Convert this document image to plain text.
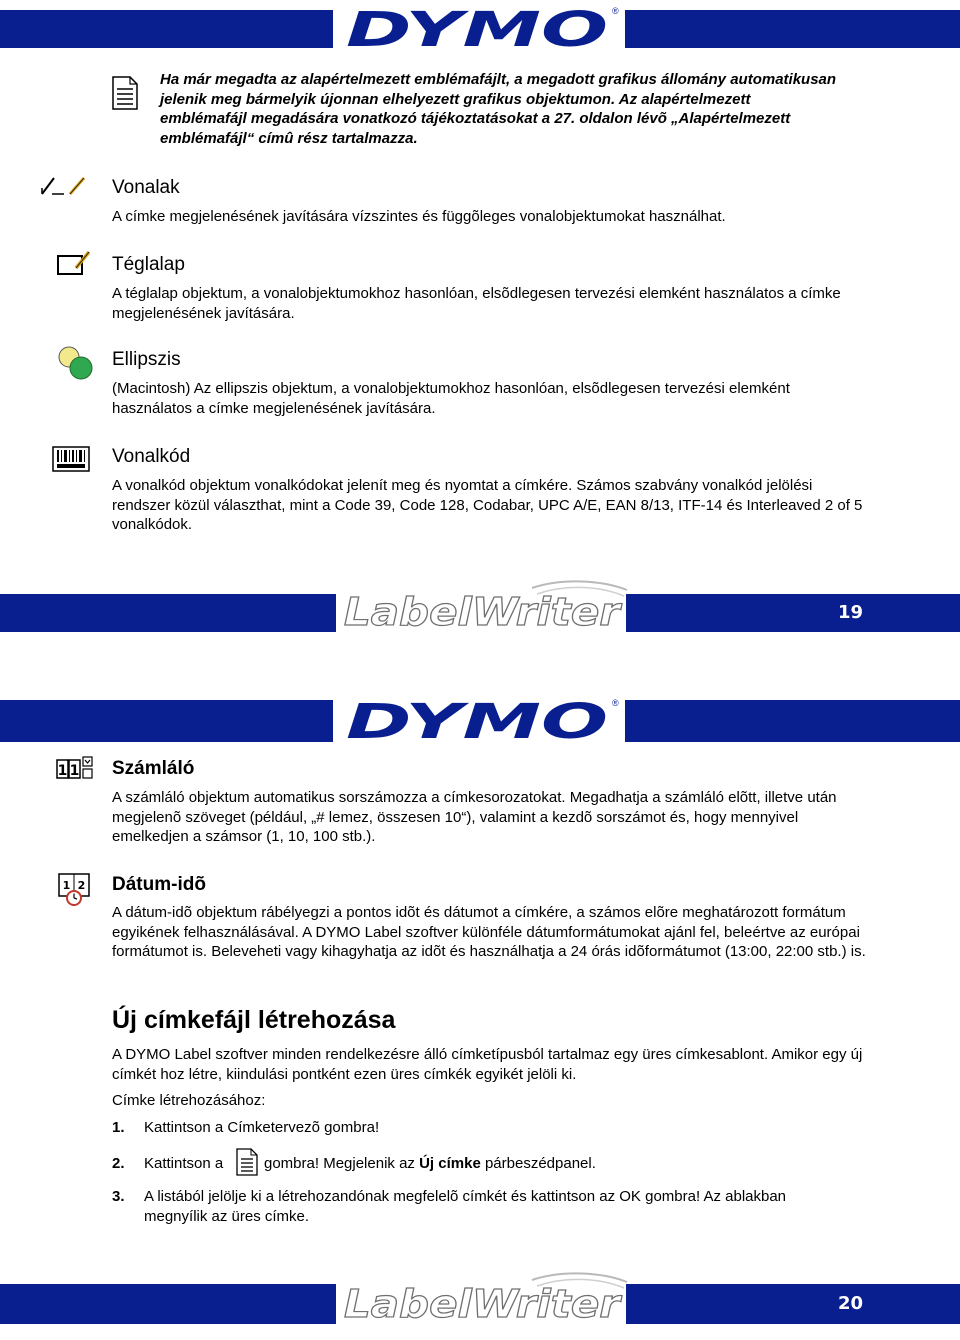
DYMO ®
Ha már megadta az alapértelmezett emblémafájlt, a megadott grafikus állomány automatikusan jelenik meg bármelyik újonnan elhelyezett grafikus objektumon. Az alapértelmezett emblémafájl megadására vonatkozó tájékoztatásokat a 27. oldalon lévõ „Alapértelmezett emblémafájl“ címû rész tartalmazza.
Vonalak
A címke megjelenésének javítására vízszintes és függõleges vonalobjektumokat használhat.
Téglalap
A téglalap objektum, a vonalobjektumokhoz hasonlóan, elsõdlegesen tervezési elemként használatos a címke megjelenésének javítására.
Ellipszis
(Macintosh) Az ellipszis objektum, a vonalobjektumokhoz hasonlóan, elsõdlegesen tervezési elemként használatos a címke megjelenésének javítására.
Vonalkód
A vonalkód objektum vonalkódokat jelenít meg és nyomtat a címkére. Számos szabvány vonalkód jelölési rendszer közül választhat, mint a Code 39, Code 128, Codabar, UPC A/E, EAN 8/13, ITF-14 és Interleaved 2 of 5 vonalkódok.
LabelWriter	19
DYMO ®
1 1 Számláló
A számláló objektum automatikus sorszámozza a címkesorozatokat. Megadhatja a számláló elõtt, illetve után megjelenõ szöveget (például, „# lemez, összesen 10“), valamint a kezdõ sorszámot és, hogy mennyivel emelkedjen a számsor (1, 10, 100 stb.).
1 2 Dátum-idõ
A dátum-idõ objektum rábélyegzi a pontos idõt és dátumot a címkére, a számos elõre meghatározott formátum egyikének felhasználásával. A DYMO Label szoftver különféle dátumformátumokat ajánl fel, beleértve az európai formátumot is. Beleveheti vagy kihagyhatja az idõt és használhatja a 24 órás idõformátumot (13:00, 22:00 stb.) is.
Új címkefájl létrehozása
A DYMO Label szoftver minden rendelkezésre álló címketípusból tartalmaz egy üres címkesablont. Amikor egy új címkét hoz létre, kiindulási pontként ezen üres címkék egyikét jelöli ki.
Címke létrehozásához:
1. Kattintson a Címketervezõ gombra!
2. Kattintson a	gombra! Megjelenik az Új címke párbeszédpanel.
3. A listából jelölje ki a létrehozandónak megfelelõ címkét és kattintson az OK gombra! Az ablakban megnyílik az üres címke.
LabelWriter	20
